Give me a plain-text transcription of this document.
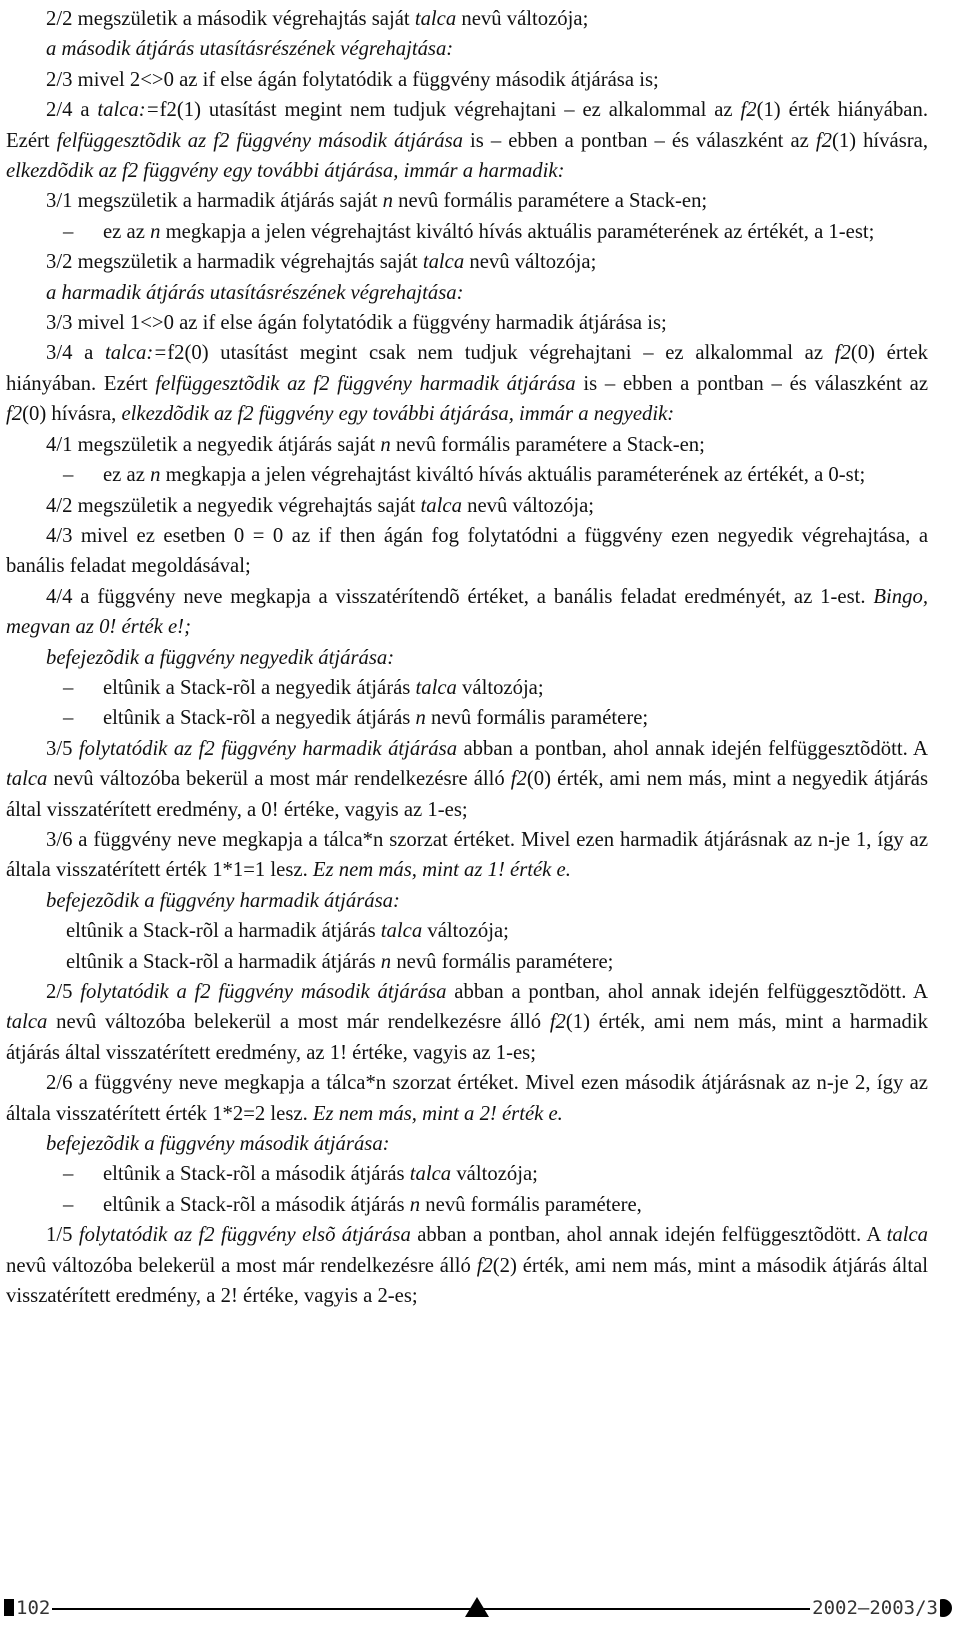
2/2 megszületik a második végrehajtás saját talca nevû változója;

a második átjárás utasításrészének végrehajtása:

2/3 mivel 2<>0 az if else ágán folytatódik a függvény második átjárása is;

2/4 a talca:=f2(1) utasítást megint nem tudjuk végrehajtani – ez alkalommal az f2(1) érték hiányában. Ezért felfüggesztõdik az f2 függvény második átjárása is – ebben a pontban – és válaszként az f2(1) hívásra, elkezdõdik az f2 függvény egy további átjárása, immár a harmadik:

3/1 megszületik a harmadik átjárás saját n nevû formális paramétere a Stack-en;

– ez az n megkapja a jelen végrehajtást kiváltó hívás aktuális paraméterének az értékét, a 1-est;

3/2 megszületik a harmadik végrehajtás saját talca nevû változója;

a harmadik átjárás utasításrészének végrehajtása:

3/3 mivel 1<>0 az if else ágán folytatódik a függvény harmadik átjárása is;

3/4 a talca:=f2(0) utasítást megint csak nem tudjuk végrehajtani – ez alkalommal az f2(0) értek hiányában. Ezért felfüggesztõdik az f2 függvény harmadik átjárása is – ebben a pontban – és válaszként az f2(0) hívásra, elkezdõdik az f2 függvény egy további átjárása, immár a negyedik:

4/1 megszületik a negyedik átjárás saját n nevû formális paramétere a Stack-en;

– ez az n megkapja a jelen végrehajtást kiváltó hívás aktuális paraméterének az értékét, a 0-st;

4/2 megszületik a negyedik végrehajtás saját talca nevû változója;

4/3 mivel ez esetben 0 = 0 az if then ágán fog folytatódni a függvény ezen negyedik végrehajtása, a banális feladat megoldásával;

4/4 a függvény neve megkapja a visszatérítendõ értéket, a banális feladat eredményét, az 1-est. Bingo, megvan az 0! érték e!;

befejezõdik a függvény negyedik átjárása:

– eltûnik a Stack-rõl a negyedik átjárás talca változója;

– eltûnik a Stack-rõl a negyedik átjárás n nevû formális paramétere;

3/5 folytatódik az f2 függvény harmadik átjárása abban a pontban, ahol annak idején felfüggesztõdött. A talca nevû változóba bekerül a most már rendelkezésre álló f2(0) érték, ami nem más, mint a negyedik átjárás által visszatérített eredmény, a 0! értéke, vagyis az 1-es;

3/6 a függvény neve megkapja a tálca*n szorzat értéket. Mivel ezen harmadik átjárásnak az n-je 1, így az általa visszatérített érték 1*1=1 lesz. Ez nem más, mint az 1! érték e.

befejezõdik a függvény harmadik átjárása:

eltûnik a Stack-rõl a harmadik átjárás talca változója;

eltûnik a Stack-rõl a harmadik átjárás n nevû formális paramétere;

2/5 folytatódik a f2 függvény második átjárása abban a pontban, ahol annak idején felfüggesztõdött. A talca nevû változóba belekerül a most már rendelkezésre álló f2(1) érték, ami nem más, mint a harmadik átjárás által visszatérített eredmény, az 1! értéke, vagyis az 1-es;

2/6 a függvény neve megkapja a tálca*n szorzat értéket. Mivel ezen második átjárásnak az n-je 2, így az általa visszatérített érték 1*2=2 lesz. Ez nem más, mint a 2! érték e.

befejezõdik a függvény második átjárása:

– eltûnik a Stack-rõl a második átjárás talca változója;

– eltûnik a Stack-rõl a második átjárás n nevû formális paramétere,

1/5 folytatódik az f2 függvény elsõ átjárása abban a pontban, ahol annak idején felfüggesztõdött. A talca nevû változóba belekerül a most már rendelkezésre álló f2(2) érték, ami nem más, mint a második átjárás által visszatérített eredmény, a 2! értéke, vagyis a 2-es;

102	2002–2003/3
